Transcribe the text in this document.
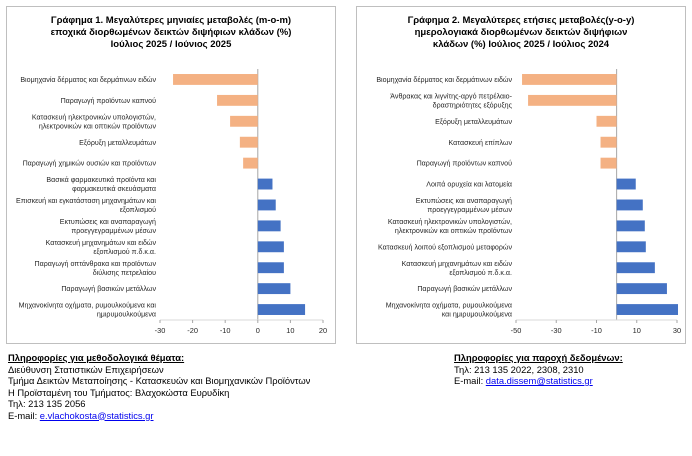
Γράφημα 1. Μεγαλύτερες μηνιαίες μεταβολές (m-o-m)
εποχικά διορθωμένων δεικτών διψήφιων κλάδων (%)
Ιούλιος 2025 / Ιούνιος 2025
Βιομηχανία δέρματος και δερμάτινων ειδών
Παραγωγή προϊόντων καπνού
Κατασκευή ηλεκτρονικών υπολογιστών,
ηλεκτρονικών και οπτικών προϊόντων
Εξόρυξη μεταλλευμάτων
Παραγωγή χημικών ουσιών και προϊόντων
Βασικά φαρμακευτικά προϊόντα και
φαρμακευτικά σκευάσματα
Επισκευή και εγκατάσταση μηχανημάτων και
εξοπλισμού
Εκτυπώσεις και αναπαραγωγή
προεγγεγραμμένων μέσων
Κατασκευή μηχανημάτων και ειδών
εξοπλισμού π.δ.κ.α.
Παραγωγή οπτάνθρακα και προϊόντων
διύλισης πετρελαίου
Παραγωγή βασικών μετάλλων
Μηχανοκίνητα οχήματα, ρυμουλκούμενα και
ημιρυμουλκούμενα
-30	-20	-10	0	10	20
Γράφημα 2. Μεγαλύτερες ετήσιες μεταβολές(y-o-y)
ημερολογιακά διορθωμένων δεικτών διψήφιων
κλάδων (%) Ιούλιος 2025 / Ιούλιος 2024
Βιομηχανία δέρματος και δερμάτινων ειδών
Άνθρακας και λιγνίτης-αργό πετρέλαιο-
δραστηριότητες εξόρυξης
Εξόρυξη μεταλλευμάτων
Κατασκευή επίπλων
Παραγωγή προϊόντων καπνού
Λοιπά ορυχεία και λατομεία
Εκτυπώσεις και αναπαραγωγή
προεγγεγραμμένων μέσων
Κατασκευή ηλεκτρονικών υπολογιστών,
ηλεκτρονικών και οπτικών προϊόντων
Κατασκευή λοιπού εξοπλισμού μεταφορών
Κατασκευή μηχανημάτων και ειδών
εξοπλισμού π.δ.κ.α.
Παραγωγή βασικών μετάλλων
Μηχανοκίνητα οχήματα, ρυμουλκούμενα
και ημιρυμουλκούμενα
-50	-30	-10	10	30
Πληροφορίες για μεθοδολογικά θέματα:
Διεύθυνση Στατιστικών Επιχειρήσεων
Τμήμα Δεικτών Μεταποίησης - Κατασκευών και Βιομηχανικών Προϊόντων
Η Προϊσταμένη του Τμήματος: Βλαχοκώστα Ευρυδίκη
Τηλ: 213 135 2056
E-mail: e.vlachokosta@statistics.gr
Πληροφορίες για παροχή δεδομένων:
Τηλ: 213 135 2022, 2308, 2310
E-mail: data.dissem@statistics.gr
